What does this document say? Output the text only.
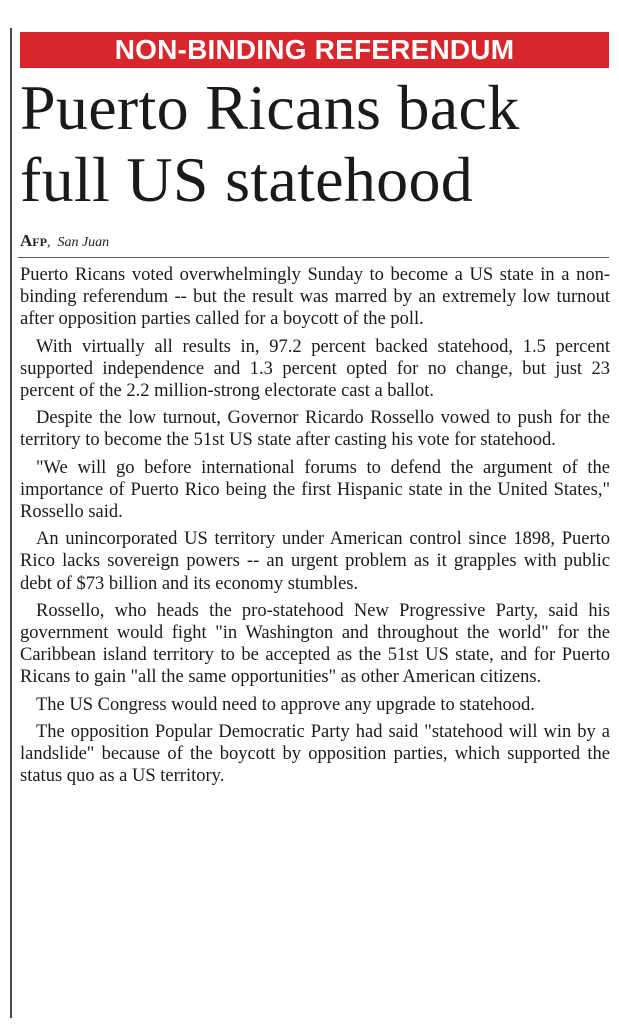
NON-BINDING REFERENDUM
Puerto Ricans back full US statehood
Afp,  San Juan

Puerto Ricans voted overwhelmingly Sunday to become a US state in a non-binding referendum -- but the result was marred by an extremely low turnout after opposition parties called for a boycott of the poll.

With virtually all results in, 97.2 percent backed statehood, 1.5 percent supported independence and 1.3 percent opted for no change, but just 23 percent of the 2.2 million-strong electorate cast a ballot.

Despite the low turnout, Governor Ricardo Rossello vowed to push for the territory to become the 51st US state after casting his vote for statehood.

"We will go before international forums to defend the argument of the importance of Puerto Rico being the first Hispanic state in the United States," Rossello said.

An unincorporated US territory under American control since 1898, Puerto Rico lacks sovereign powers -- an urgent problem as it grapples with public debt of $73 billion and its economy stumbles.

Rossello, who heads the pro-statehood New Progressive Party, said his government would fight "in Washington and throughout the world" for the Caribbean island territory to be accepted as the 51st US state, and for Puerto Ricans to gain "all the same opportunities" as other American citizens.

The US Congress would need to approve any upgrade to statehood.

The opposition Popular Democratic Party had said "statehood will win by a landslide" because of the boycott by opposition parties, which supported the status quo as a US territory.
